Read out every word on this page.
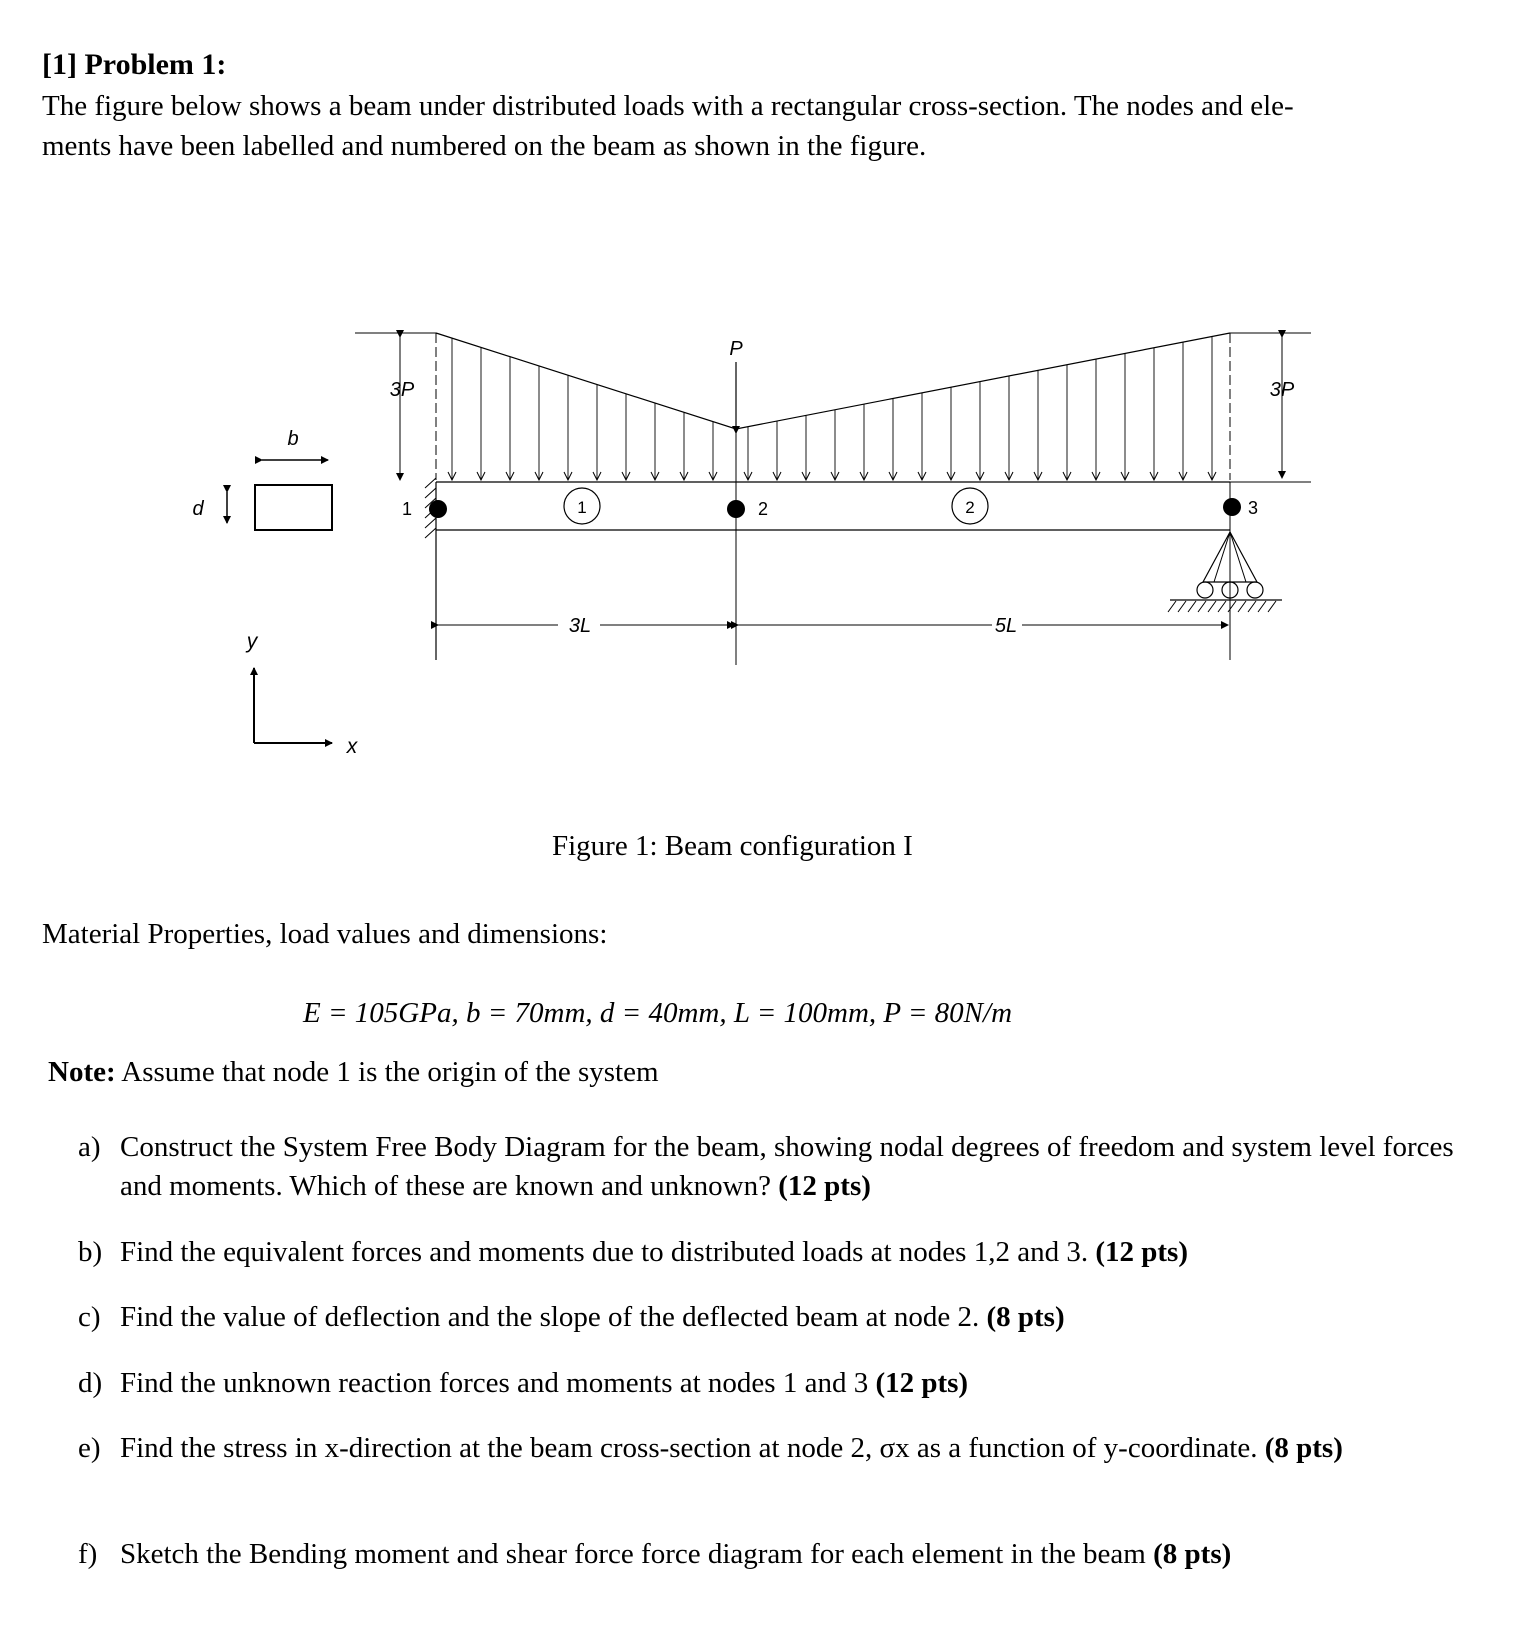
[1] Problem 1:
The figure below shows a beam under distributed loads with a rectangular cross-section. The nodes and ele-
ments have been labelled and numbered on the beam as shown in the figure.
b
d
3P	3P
P
1	2	3
1	2
3L	5L
y
x
Figure 1: Beam configuration I
Material Properties, load values and dimensions:
E = 105GPa, b = 70mm, d = 40mm, L = 100mm, P = 80N/m
Note: Assume that node 1 is the origin of the system
a) Construct the System Free Body Diagram for the beam, showing nodal degrees of freedom and system level forces and moments. Which of these are known and unknown? (12 pts)
b) Find the equivalent forces and moments due to distributed loads at nodes 1,2 and 3. (12 pts)
c) Find the value of deflection and the slope of the deflected beam at node 2. (8 pts)
d) Find the unknown reaction forces and moments at nodes 1 and 3 (12 pts)
e) Find the stress in x-direction at the beam cross-section at node 2, σx as a function of y-coordinate. (8 pts)
f) Sketch the Bending moment and shear force force diagram for each element in the beam (8 pts)
